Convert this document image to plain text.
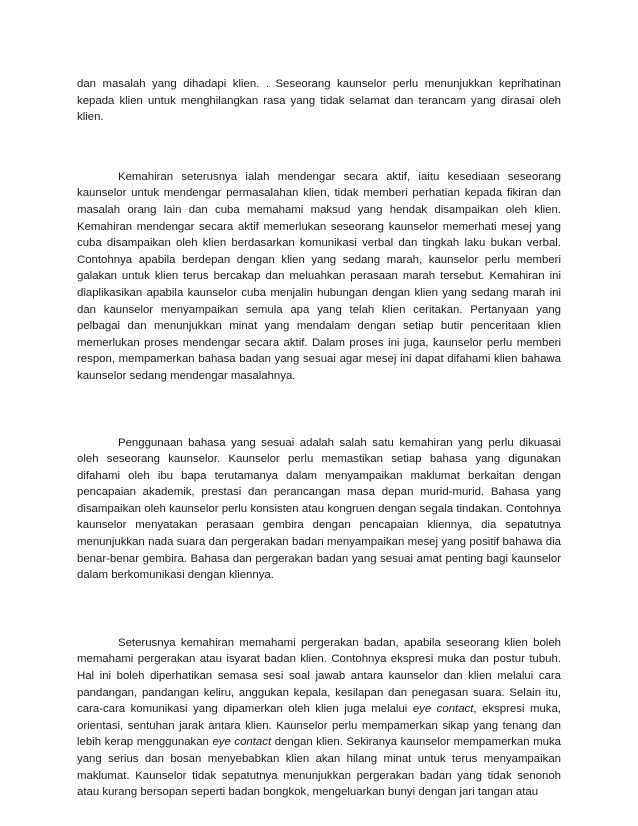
dan masalah yang dihadapi klien. . Seseorang kaunselor perlu menunjukkan keprihatinan kepada klien untuk menghilangkan rasa yang tidak selamat dan terancam yang dirasai oleh klien.

Kemahiran seterusnya ialah mendengar secara aktif, iaitu kesediaan seseorang kaunselor untuk mendengar permasalahan klien, tidak memberi perhatian kepada fikiran dan masalah orang lain dan cuba memahami maksud yang hendak disampaikan oleh klien. Kemahiran mendengar secara aktif memerlukan seseorang kaunselor memerhati mesej yang cuba disampaikan oleh klien berdasarkan komunikasi verbal dan tingkah laku bukan verbal. Contohnya apabila berdepan dengan klien yang sedang marah, kaunselor perlu memberi galakan untuk klien terus bercakap dan meluahkan perasaan marah tersebut. Kemahiran ini diaplikasikan apabila kaunselor cuba menjalin hubungan dengan klien yang sedang marah ini dan kaunselor menyampaikan semula apa yang telah klien ceritakan. Pertanyaan yang pelbagai dan menunjukkan minat yang mendalam dengan setiap butir penceritaan klien memerlukan proses mendengar secara aktif. Dalam proses ini juga, kaunselor perlu memberi respon, mempamerkan bahasa badan yang sesuai agar mesej ini dapat difahami klien bahawa kaunselor sedang mendengar masalahnya.

Penggunaan bahasa yang sesuai adalah salah satu kemahiran yang perlu dikuasai oleh seseorang kaunselor. Kaunselor perlu memastikan setiap bahasa yang digunakan difahami oleh ibu bapa terutamanya dalam menyampaikan maklumat berkaitan dengan pencapaian akademik, prestasi dan perancangan masa depan murid-murid. Bahasa yang disampaikan oleh kaunselor perlu konsisten atau kongruen dengan segala tindakan. Contohnya kaunselor menyatakan perasaan gembira dengan pencapaian kliennya, dia sepatutnya menunjukkan nada suara dan pergerakan badan menyampaikan mesej yang positif bahawa dia benar-benar gembira. Bahasa dan pergerakan badan yang sesuai amat penting bagi kaunselor dalam berkomunikasi dengan kliennya.

Seterusnya kemahiran memahami pergerakan badan, apabila seseorang klien boleh memahami pergerakan atau isyarat badan klien. Contohnya ekspresi muka dan postur tubuh. Hal ini boleh diperhatikan semasa sesi soal jawab antara kaunselor dan klien melalui cara pandangan, pandangan keliru, anggukan kepala, kesilapan dan penegasan suara. Selain itu, cara-cara komunikasi yang dipamerkan oleh klien juga melalui eye contact, ekspresi muka, orientasi, sentuhan jarak antara klien. Kaunselor perlu mempamerkan sikap yang tenang dan lebih kerap menggunakan eye contact dengan klien. Sekiranya kaunselor mempamerkan muka yang serius dan bosan menyebabkan klien akan hilang minat untuk terus menyampaikan maklumat. Kaunselor tidak sepatutnya menunjukkan pergerakan badan yang tidak senonoh atau kurang bersopan seperti badan bongkok, mengeluarkan bunyi dengan jari tangan atau
